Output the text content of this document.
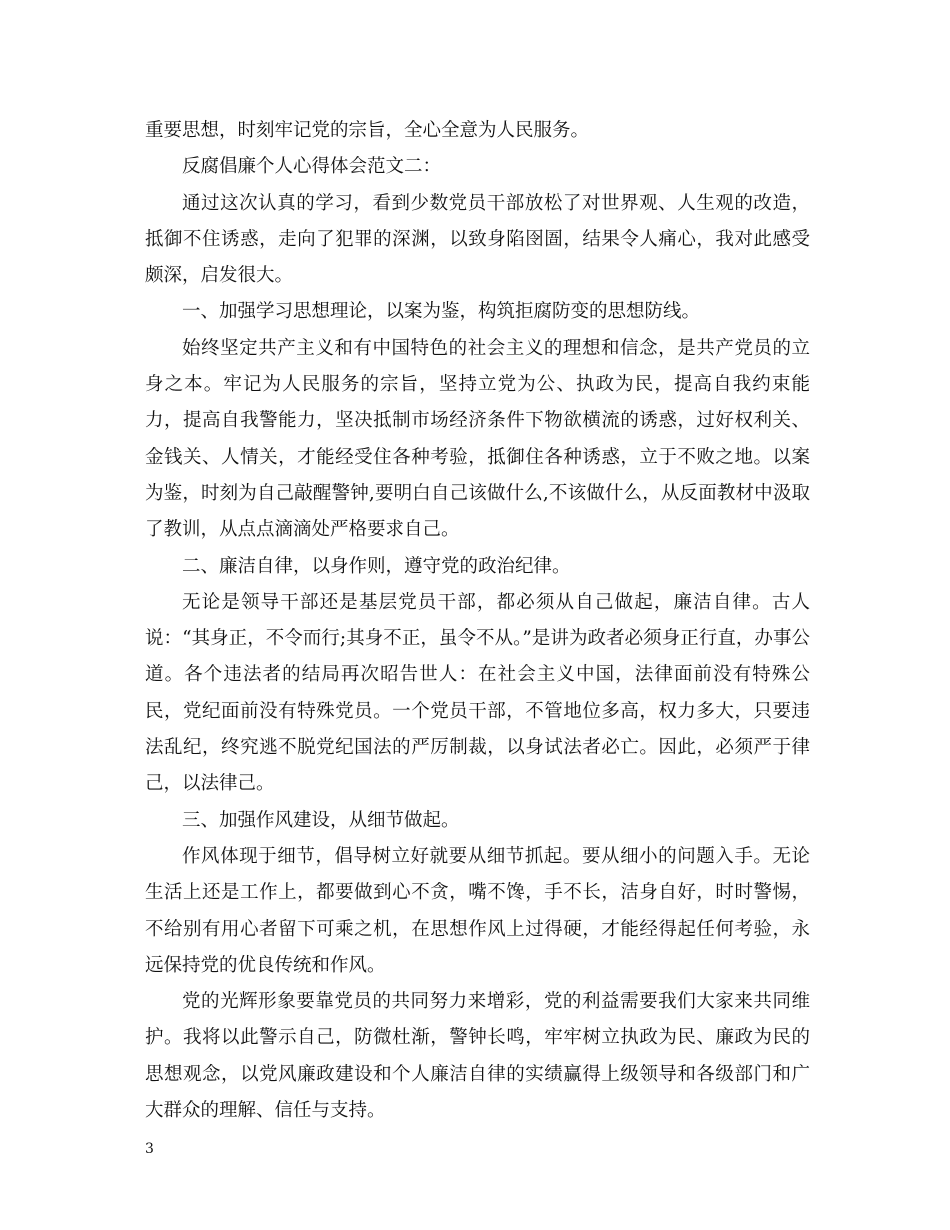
重要思想，时刻牢记党的宗旨，全心全意为人民服务。

反腐倡廉个人心得体会范文二：

通过这次认真的学习，看到少数党员干部放松了对世界观、人生观的改造，抵御不住诱惑，走向了犯罪的深渊，以致身陷囹圄，结果令人痛心，我对此感受颇深，启发很大。

一、加强学习思想理论，以案为鉴，构筑拒腐防变的思想防线。

始终坚定共产主义和有中国特色的社会主义的理想和信念，是共产党员的立身之本。牢记为人民服务的宗旨，坚持立党为公、执政为民，提高自我约束能力，提高自我警能力，坚决抵制市场经济条件下物欲横流的诱惑，过好权利关、金钱关、人情关，才能经受住各种考验，抵御住各种诱惑，立于不败之地。以案为鉴，时刻为自己敲醒警钟,要明白自己该做什么,不该做什么，从反面教材中汲取了教训，从点点滴滴处严格要求自己。

二、廉洁自律，以身作则，遵守党的政治纪律。

无论是领导干部还是基层党员干部，都必须从自己做起，廉洁自律。古人说：“其身正，不令而行;其身不正，虽令不从。”是讲为政者必须身正行直，办事公道。各个违法者的结局再次昭告世人：在社会主义中国，法律面前没有特殊公民，党纪面前没有特殊党员。一个党员干部，不管地位多高，权力多大，只要违法乱纪，终究逃不脱党纪国法的严厉制裁，以身试法者必亡。因此，必须严于律己，以法律己。

三、加强作风建设，从细节做起。

作风体现于细节，倡导树立好就要从细节抓起。要从细小的问题入手。无论生活上还是工作上，都要做到心不贪，嘴不馋，手不长，洁身自好，时时警惕，不给别有用心者留下可乘之机，在思想作风上过得硬，才能经得起任何考验，永远保持党的优良传统和作风。

党的光辉形象要靠党员的共同努力来增彩，党的利益需要我们大家来共同维护。我将以此警示自己，防微杜渐，警钟长鸣，牢牢树立执政为民、廉政为民的思想观念，以党风廉政建设和个人廉洁自律的实绩赢得上级领导和各级部门和广大群众的理解、信任与支持。

3
